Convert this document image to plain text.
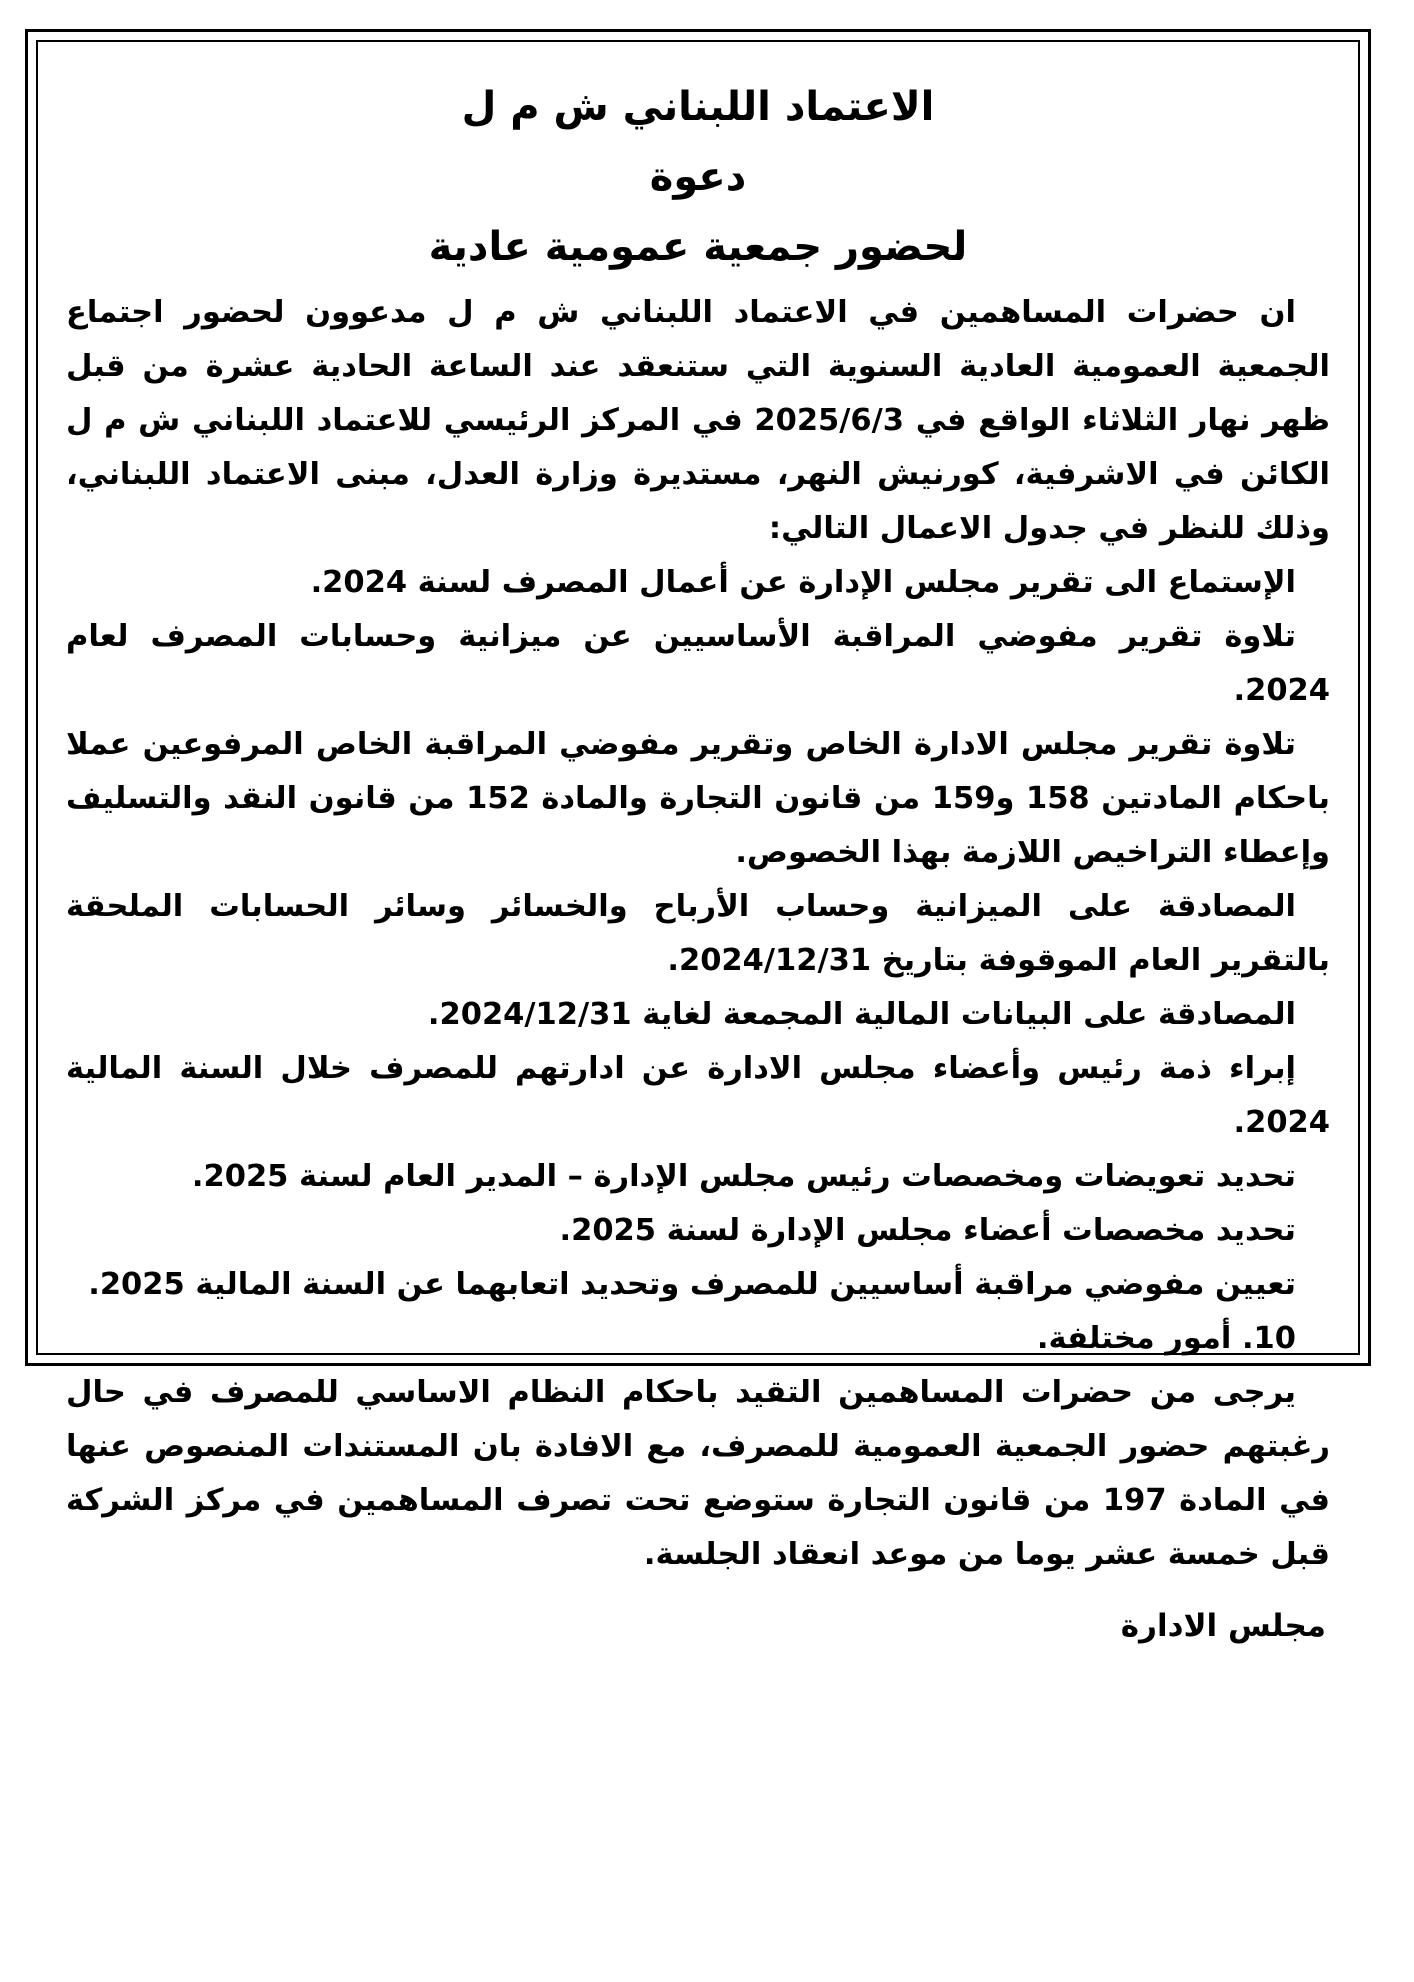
الاعتماد اللبناني ش م ل
دعوة
لحضور جمعية عمومية عادية

ان حضرات المساهمين في الاعتماد اللبناني ش م ل مدعوون لحضور اجتماع الجمعية العمومية العادية السنوية التي ستنعقد عند الساعة الحادية عشرة من قبل ظهر نهار الثلاثاء الواقع في 2025/6/3 في المركز الرئيسي للاعتماد اللبناني ش م ل الكائن في الاشرفية، كورنيش النهر، مستديرة وزارة العدل، مبنى الاعتماد اللبناني، وذلك للنظر في جدول الاعمال التالي:

الإستماع الى تقرير مجلس الإدارة عن أعمال المصرف لسنة 2024.
تلاوة تقرير مفوضي المراقبة الأساسيين عن ميزانية وحسابات المصرف لعام 2024.
تلاوة تقرير مجلس الادارة الخاص وتقرير مفوضي المراقبة الخاص المرفوعين عملا باحكام المادتين 158 و159 من قانون التجارة والمادة 152 من قانون النقد والتسليف وإعطاء التراخيص اللازمة بهذا الخصوص.
المصادقة على الميزانية وحساب الأرباح والخسائر وسائر الحسابات الملحقة بالتقرير العام الموقوفة بتاريخ 2024/12/31.
المصادقة على البيانات المالية المجمعة لغاية 2024/12/31.
إبراء ذمة رئيس وأعضاء مجلس الادارة عن ادارتهم للمصرف خلال السنة المالية 2024.
تحديد تعويضات ومخصصات رئيس مجلس الإدارة – المدير العام لسنة 2025.
تحديد مخصصات أعضاء مجلس الإدارة لسنة 2025.
تعيين مفوضي مراقبة أساسيين للمصرف وتحديد اتعابهما عن السنة المالية 2025.
10. أمور مختلفة.

يرجى من حضرات المساهمين التقيد باحكام النظام الاساسي للمصرف في حال رغبتهم حضور الجمعية العمومية للمصرف، مع الافادة بان المستندات المنصوص عنها في المادة 197 من قانون التجارة ستوضع تحت تصرف المساهمين في مركز الشركة قبل خمسة عشر يوما من موعد انعقاد الجلسة.

مجلس الادارة
